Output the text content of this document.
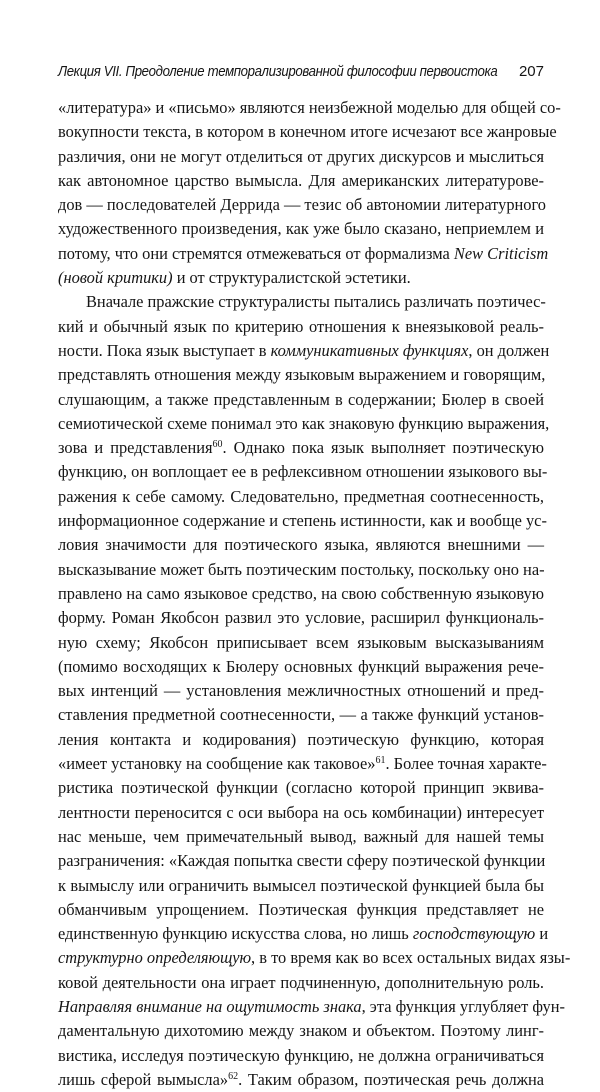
Лекция VII. Преодоление темпорализированной философии первоистока 207
«литература» и «письмо» являются неизбежной моделью для общей со-
вокупности текста, в котором в конечном итоге исчезают все жанровые
различия, они не могут отделиться от других дискурсов и мыслиться
как автономное царство вымысла. Для американских литературове-
дов — последователей Деррида — тезис об автономии литературного
художественного произведения, как уже было сказано, неприемлем и
потому, что они стремятся отмежеваться от формализма New Criticism
(новой критики) и от структуралистской эстетики.
Вначале пражские структуралисты пытались различать поэтичес-
кий и обычный язык по критерию отношения к внеязыковой реаль-
ности. Пока язык выступает в коммуникативных функциях, он должен
представлять отношения между языковым выражением и говорящим,
слушающим, а также представленным в содержании; Бюлер в своей
семиотической схеме понимал это как знаковую функцию выражения,
зова и представления$^{60}$. Однако пока язык выполняет поэтическую
функцию, он воплощает ее в рефлексивном отношении языкового вы-
ражения к себе самому. Следовательно, предметная соотнесенность,
информационное содержание и степень истинности, как и вообще ус-
ловия значимости для поэтического языка, являются внешними —
высказывание может быть поэтическим постольку, поскольку оно на-
правлено на само языковое средство, на свою собственную языковую
форму. Роман Якобсон развил это условие, расширил функциональ-
ную схему; Якобсон приписывает всем языковым высказываниям
(помимо восходящих к Бюлеру основных функций выражения рече-
вых интенций — установления межличностных отношений и пред-
ставления предметной соотнесенности, — а также функций установ-
ления контакта и кодирования) поэтическую функцию, которая
«имеет установку на сообщение как таковое»$^{61}$. Более точная характе-
ристика поэтической функции (согласно которой принцип эквива-
лентности переносится с оси выбора на ось комбинации) интересует
нас меньше, чем примечательный вывод, важный для нашей темы
разграничения: «Каждая попытка свести сферу поэтической функции
к вымыслу или ограничить вымысел поэтической функцией была бы
обманчивым упрощением. Поэтическая функция представляет не
единственную функцию искусства слова, но лишь господствующую и
структурно определяющую, в то время как во всех остальных видах язы-
ковой деятельности она играет подчиненную, дополнительную роль.
Направляя внимание на ощутимость знака, эта функция углубляет фун-
даментальную дихотомию между знаком и объектом. Поэтому линг-
вистика, исследуя поэтическую функцию, не должна ограничиваться
лишь сферой вымысла»$^{62}$. Таким образом, поэтическая речь должна
